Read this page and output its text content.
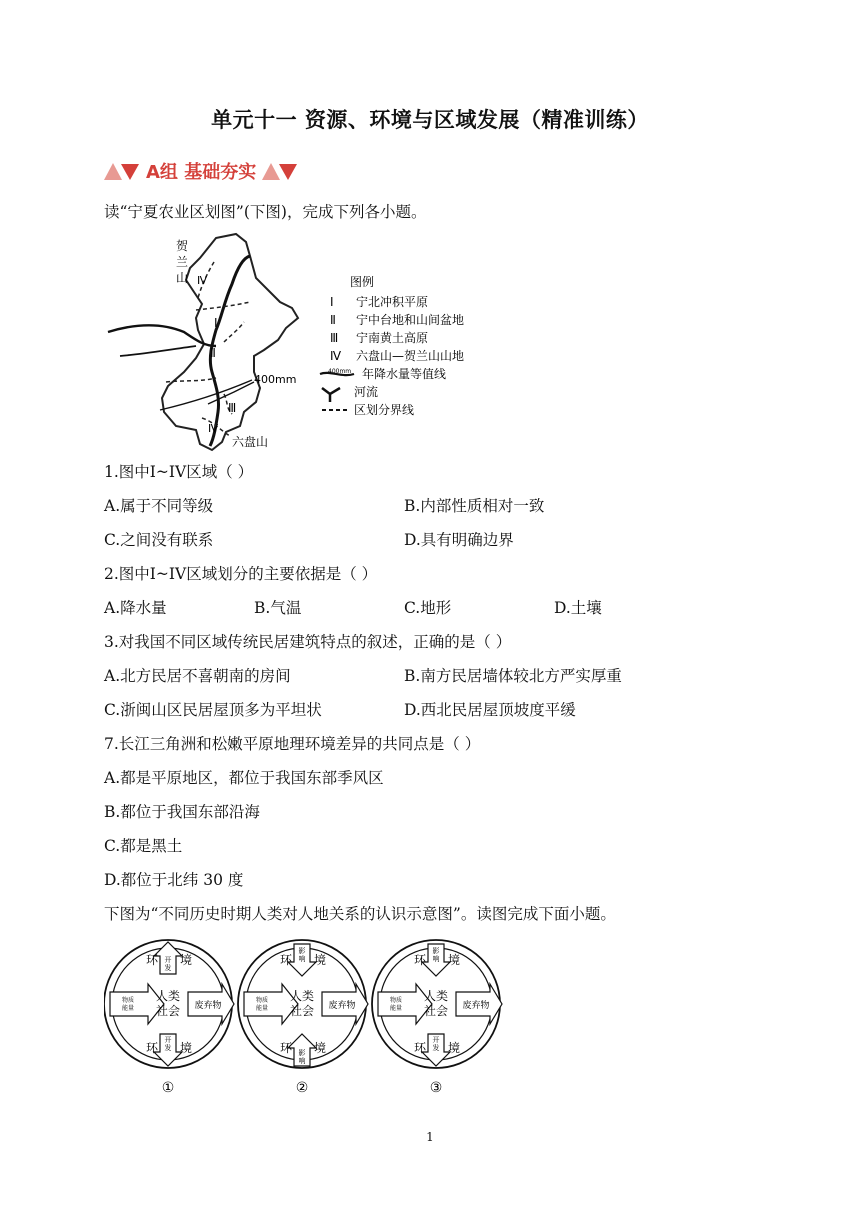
单元十一 资源、环境与区域发展（精准训练）
A组 基础夯实
读“宁夏农业区划图”(下图)，完成下列各小题。
贺
兰
山 Ⅳ
Ⅰ
Ⅱ
Ⅲ
Ⅳ
400mm
六盘山
图例
Ⅰ 宁北冲积平原
Ⅱ 宁中台地和山间盆地
Ⅲ 宁南黄土高原
Ⅳ 六盘山—贺兰山山地
400mm 年降水量等值线
河流
区划分界线
1.图中I~IV区域（ ）
A.属于不同等级	B.内部性质相对一致
C.之间没有联系	D.具有明确边界
2.图中I~IV区域划分的主要依据是（ ）
A.降水量	B.气温	C.地形	D.土壤
3.对我国不同区域传统民居建筑特点的叙述，正确的是（ ）
A.北方民居不喜朝南的房间	B.南方民居墙体较北方严实厚重
C.浙闽山区民居屋顶多为平坦状	D.西北民居屋顶坡度平缓
7.长江三角洲和松嫩平原地理环境差异的共同点是（ ）
A.都是平原地区，都位于我国东部季风区
B.都位于我国东部沿海
C.都是黑土
D.都位于北纬 30 度
下图为“不同历史时期人类对人地关系的认识示意图”。读图完成下面小题。
环 境
环 境
环 境
环 境
环 境
环 境
人类
社会
人类
社会
人类
社会
物质
能量
物质
能量
物质
能量
废弃物	废弃物	废弃物
开
发
开
发
影
响
影
响
影
响
开
发
①	②	③
1
